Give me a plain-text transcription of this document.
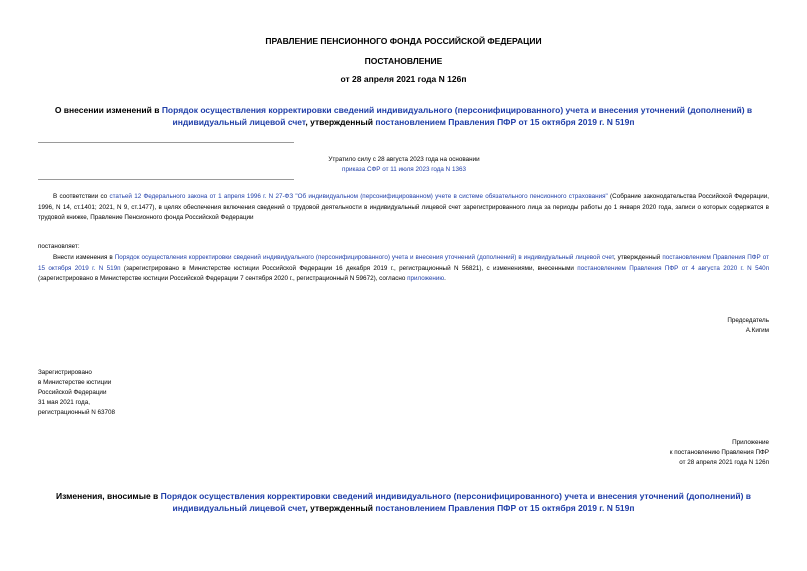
ПРАВЛЕНИЕ ПЕНСИОННОГО ФОНДА РОССИЙСКОЙ ФЕДЕРАЦИИ
ПОСТАНОВЛЕНИЕ
от 28 апреля 2021 года N 126п
О внесении изменений в Порядок осуществления корректировки сведений индивидуального (персонифицированного) учета и внесения уточнений (дополнений) в индивидуальный лицевой счет, утвержденный постановлением Правления ПФР от 15 октября 2019 г. N 519п
Утратило силу с 28 августа 2023 года на основании
приказа СФР от 11 июля 2023 года N 1363
В соответствии со статьей 12 Федерального закона от 1 апреля 1996 г. N 27-ФЗ "Об индивидуальном (персонифицированном) учете в системе обязательного пенсионного страхования" (Собрание законодательства Российской Федерации, 1996, N 14, ст.1401; 2021, N 9, ст.1477), в целях обеспечения включения сведений о трудовой деятельности в индивидуальный лицевой счет зарегистрированного лица за периоды работы до 1 января 2020 года, записи о которых содержатся в трудовой книжке, Правление Пенсионного фонда Российской Федерации
постановляет:
Внести изменения в Порядок осуществления корректировки сведений индивидуального (персонифицированного) учета и внесения уточнений (дополнений) в индивидуальный лицевой счет, утвержденный постановлением Правления ПФР от 15 октября 2019 г. N 519п (зарегистрировано в Министерстве юстиции Российской Федерации 16 декабря 2019 г., регистрационный N 56821), с изменениями, внесенными постановлением Правления ПФР от 4 августа 2020 г. N 540п (зарегистрировано в Министерстве юстиции Российской Федерации 7 сентября 2020 г., регистрационный N 59672), согласно приложению.
Председатель
А.Кигим
Зарегистрировано
в Министерстве юстиции
Российской Федерации
31 мая 2021 года,
регистрационный N 63708
Приложение
к постановлению Правления ПФР
от 28 апреля 2021 года N 126п
Изменения, вносимые в Порядок осуществления корректировки сведений индивидуального (персонифицированного) учета и внесения уточнений (дополнений) в индивидуальный лицевой счет, утвержденный постановлением Правления ПФР от 15 октября 2019 г. N 519п
